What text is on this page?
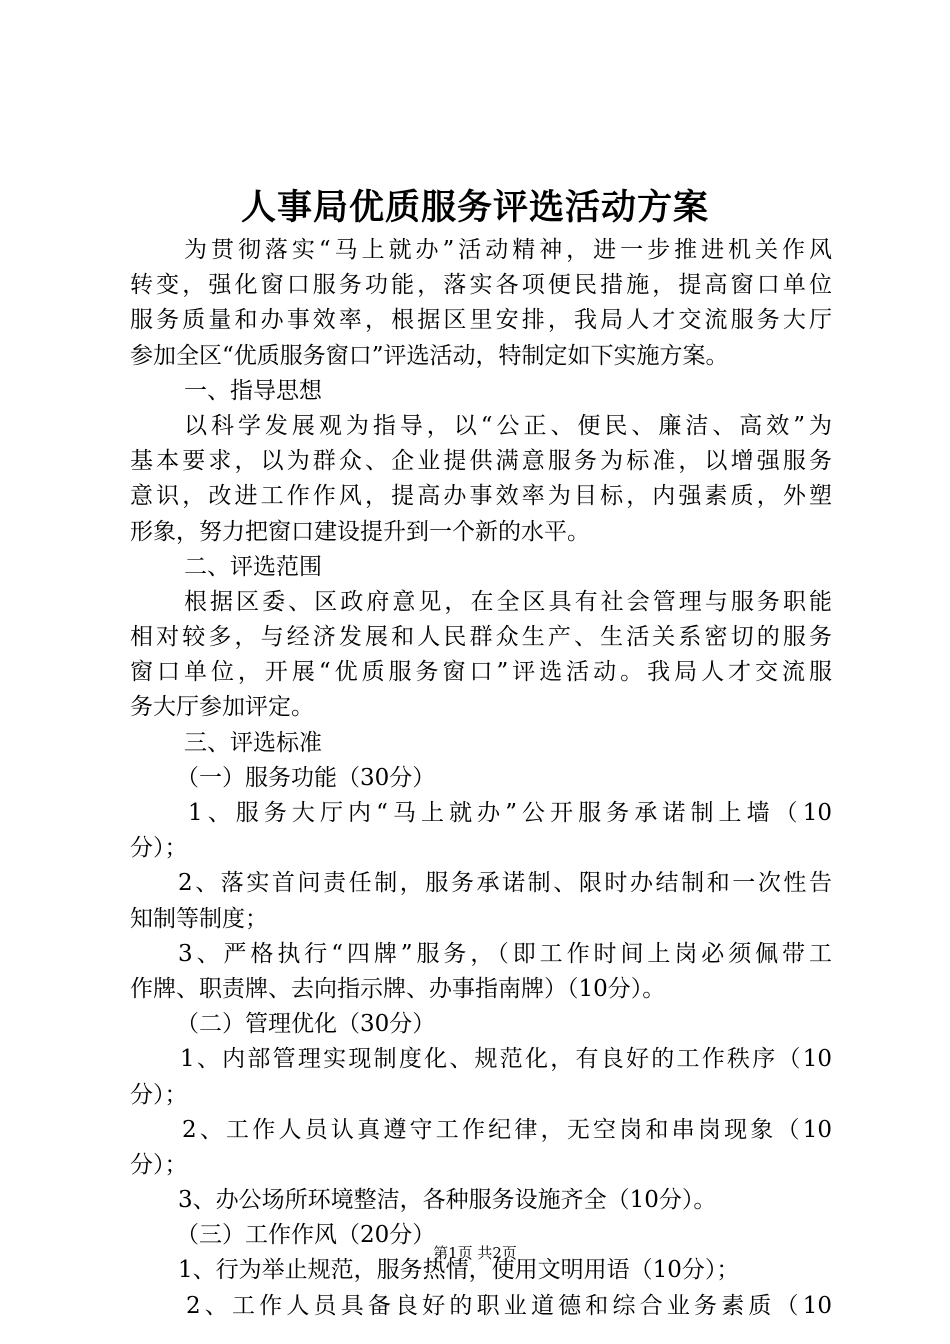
人事局优质服务评选活动方案
为贯彻落实“马上就办”活动精神，进一步推进机关作风
转变，强化窗口服务功能，落实各项便民措施，提高窗口单位
服务质量和办事效率，根据区里安排，我局人才交流服务大厅
参加全区“优质服务窗口”评选活动，特制定如下实施方案。
一、指导思想
以科学发展观为指导，以“公正、便民、廉洁、高效”为
基本要求，以为群众、企业提供满意服务为标准，以增强服务
意识，改进工作作风，提高办事效率为目标，内强素质，外塑
形象，努力把窗口建设提升到一个新的水平。
二、评选范围
根据区委、区政府意见，在全区具有社会管理与服务职能
相对较多，与经济发展和人民群众生产、生活关系密切的服务
窗口单位，开展“优质服务窗口”评选活动。我局人才交流服
务大厅参加评定。
三、评选标准
（一）服务功能（30分）
1、服务大厅内“马上就办”公开服务承诺制上墙（10
分）；
2、落实首问责任制，服务承诺制、限时办结制和一次性告
知制等制度；
3、严格执行“四牌”服务，（即工作时间上岗必须佩带工
作牌、职责牌、去向指示牌、办事指南牌）（10分）。
（二）管理优化（30分）
1、内部管理实现制度化、规范化，有良好的工作秩序（10
分）；
2、工作人员认真遵守工作纪律，无空岗和串岗现象（10
分）；
3、办公场所环境整洁，各种服务设施齐全（10分）。
（三）工作作风（20分）
1、行为举止规范，服务热情，使用文明用语（10分）；
2、工作人员具备良好的职业道德和综合业务素质（10
第1页 共2页
